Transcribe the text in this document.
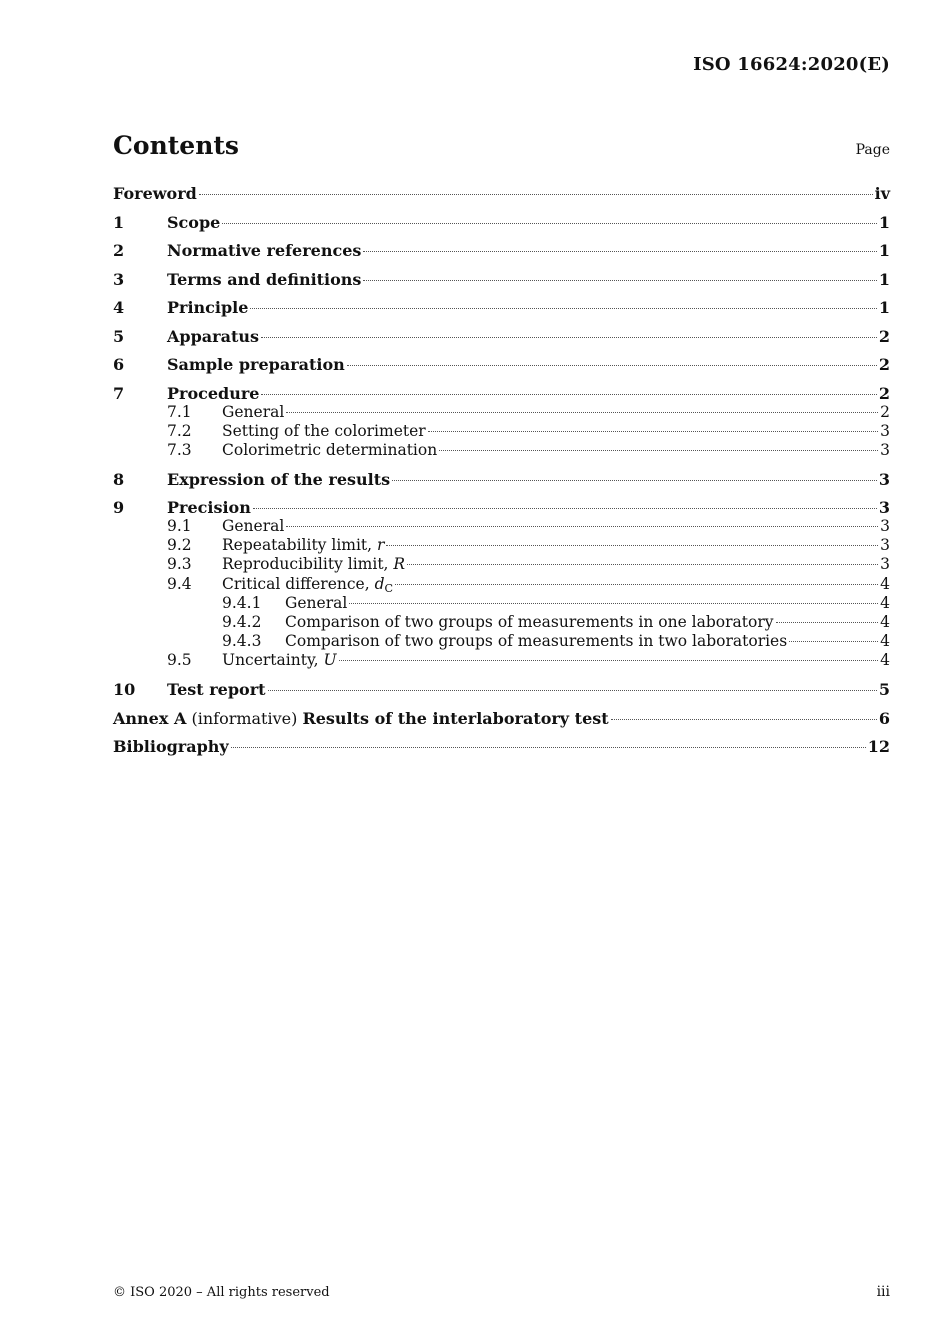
ISO 16624:2020(E)
Contents	Page
Foreword	iv
1	Scope	1
2	Normative references	1
3	Terms and definitions	1
4	Principle	1
5	Apparatus	2
6	Sample preparation	2
7	Procedure	2
7.1	General	2
7.2	Setting of the colorimeter	3
7.3	Colorimetric determination	3
8	Expression of the results	3
9	Precision	3
9.1	General	3
9.2	Repeatability limit, r	3
9.3	Reproducibility limit, R	3
9.4	Critical difference, $d_C$	4
9.4.1	General	4
9.4.2	Comparison of two groups of measurements in one laboratory	4
9.4.3	Comparison of two groups of measurements in two laboratories	4
9.5	Uncertainty, U	4
10	Test report	5
Annex A (informative) Results of the interlaboratory test	6
Bibliography	12
© ISO 2020 – All rights reserved	iii
